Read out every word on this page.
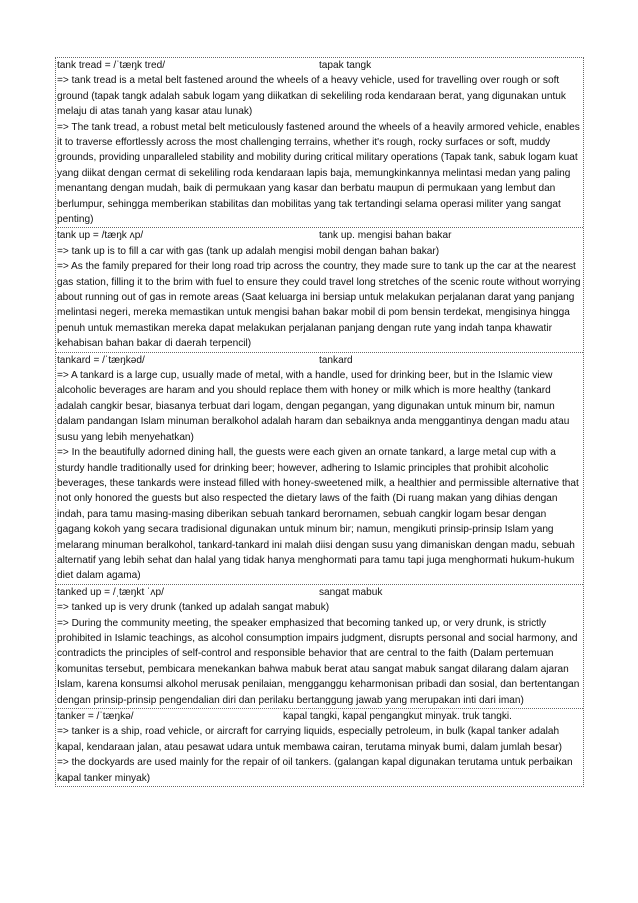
tank tread = /ˈtæŋk tred/	tapak tangk

=> tank tread is a metal belt fastened around the wheels of a heavy vehicle, used for travelling over rough or soft ground (tapak tangk adalah sabuk logam yang diikatkan di sekeliling roda kendaraan berat, yang digunakan untuk melaju di atas tanah yang kasar atau lunak)

=> The tank tread, a robust metal belt meticulously fastened around the wheels of a heavily armored vehicle, enables it to traverse effortlessly across the most challenging terrains, whether it's rough, rocky surfaces or soft, muddy grounds, providing unparalleled stability and mobility during critical military operations (Tapak tank, sabuk logam kuat yang diikat dengan cermat di sekeliling roda kendaraan lapis baja, memungkinkannya melintasi medan yang paling menantang dengan mudah, baik di permukaan yang kasar dan berbatu maupun di permukaan yang lembut dan berlumpur, sehingga memberikan stabilitas dan mobilitas yang tak tertandingi selama operasi militer yang sangat penting)

tank up = /tæŋk ʌp/	tank up. mengisi bahan bakar

=> tank up is to fill a car with gas (tank up adalah mengisi mobil dengan bahan bakar)

=> As the family prepared for their long road trip across the country, they made sure to tank up the car at the nearest gas station, filling it to the brim with fuel to ensure they could travel long stretches of the scenic route without worrying about running out of gas in remote areas (Saat keluarga ini bersiap untuk melakukan perjalanan darat yang panjang melintasi negeri, mereka memastikan untuk mengisi bahan bakar mobil di pom bensin terdekat, mengisinya hingga penuh untuk memastikan mereka dapat melakukan perjalanan panjang dengan rute yang indah tanpa khawatir kehabisan bahan bakar di daerah terpencil)

tankard = /ˈtæŋkəd/	tankard

=> A tankard is a large cup, usually made of metal, with a handle, used for drinking beer, but in the Islamic view alcoholic beverages are haram and you should replace them with honey or milk which is more healthy (tankard adalah cangkir besar, biasanya terbuat dari logam, dengan pegangan, yang digunakan untuk minum bir, namun dalam pandangan Islam minuman beralkohol adalah haram dan sebaiknya anda menggantinya dengan madu atau susu yang lebih menyehatkan)

=> In the beautifully adorned dining hall, the guests were each given an ornate tankard, a large metal cup with a sturdy handle traditionally used for drinking beer; however, adhering to Islamic principles that prohibit alcoholic beverages, these tankards were instead filled with honey-sweetened milk, a healthier and permissible alternative that not only honored the guests but also respected the dietary laws of the faith (Di ruang makan yang dihias dengan indah, para tamu masing-masing diberikan sebuah tankard berornamen, sebuah cangkir logam besar dengan gagang kokoh yang secara tradisional digunakan untuk minum bir; namun, mengikuti prinsip-prinsip Islam yang melarang minuman beralkohol, tankard-tankard ini malah diisi dengan susu yang dimaniskan dengan madu, sebuah alternatif yang lebih sehat dan halal yang tidak hanya menghormati para tamu tapi juga menghormati hukum-hukum diet dalam agama)

tanked up = /ˌtæŋkt ˈʌp/	sangat mabuk

=> tanked up is very drunk (tanked up adalah sangat mabuk)

=> During the community meeting, the speaker emphasized that becoming tanked up, or very drunk, is strictly prohibited in Islamic teachings, as alcohol consumption impairs judgment, disrupts personal and social harmony, and contradicts the principles of self-control and responsible behavior that are central to the faith (Dalam pertemuan komunitas tersebut, pembicara menekankan bahwa mabuk berat atau sangat mabuk sangat dilarang dalam ajaran Islam, karena konsumsi alkohol merusak penilaian, mengganggu keharmonisan pribadi dan sosial, dan bertentangan dengan prinsip-prinsip pengendalian diri dan perilaku bertanggung jawab yang merupakan inti dari iman)

tanker = /ˈtæŋkə/	kapal tangki, kapal pengangkut minyak. truk tangki.

=> tanker is a ship, road vehicle, or aircraft for carrying liquids, especially petroleum, in bulk (kapal tanker adalah kapal, kendaraan jalan, atau pesawat udara untuk membawa cairan, terutama minyak bumi, dalam jumlah besar)

=> the dockyards are used mainly for the repair of oil tankers. (galangan kapal digunakan terutama untuk perbaikan kapal tanker minyak)
